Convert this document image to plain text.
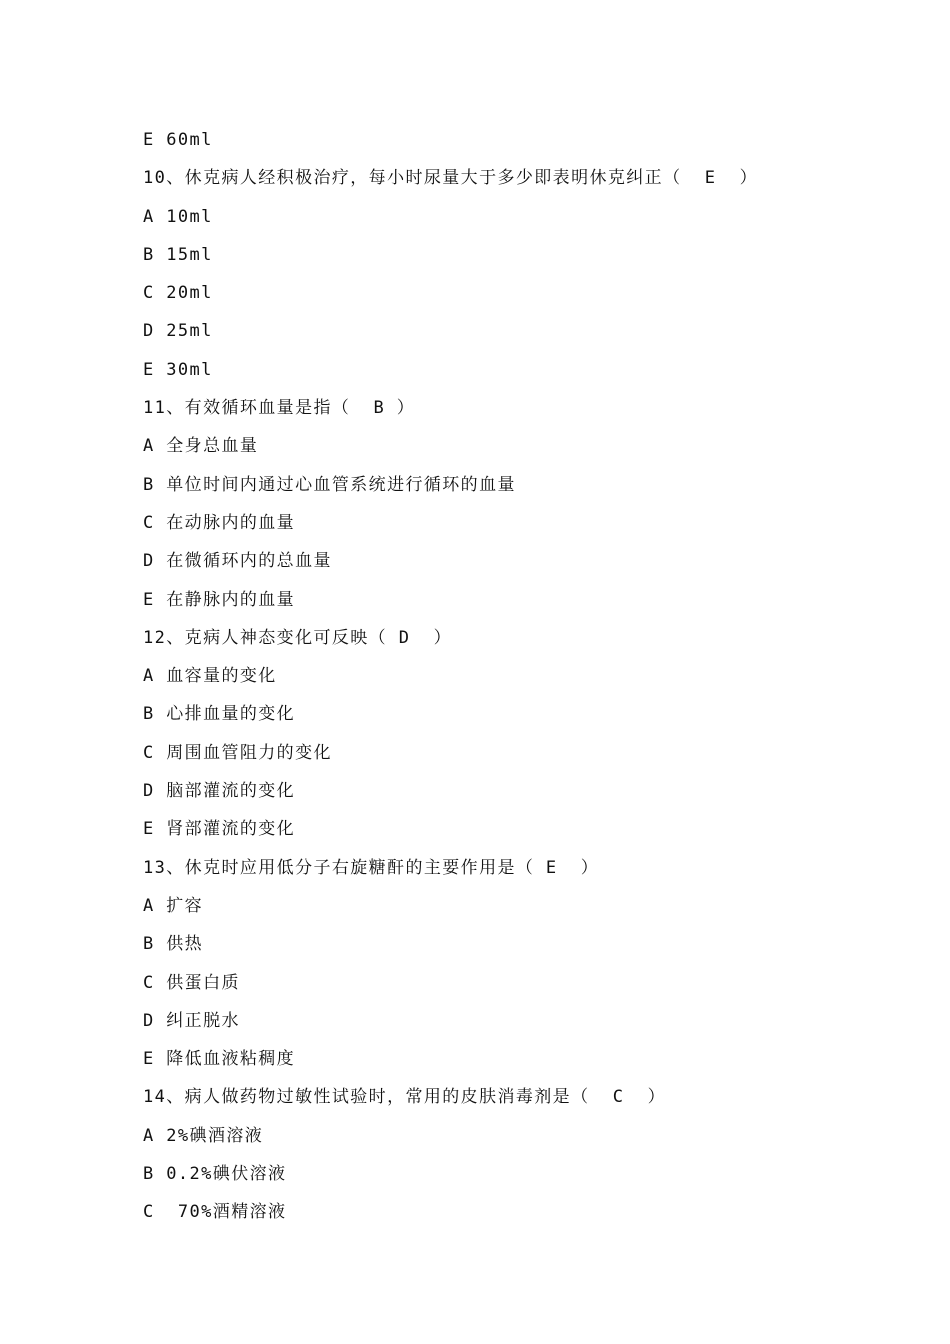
E 60ml
10、休克病人经积极治疗，每小时尿量大于多少即表明休克纠正（  E  ）
A 10ml
B 15ml
C 20ml
D 25ml
E 30ml
11、有效循环血量是指（  B ）
A 全身总血量
B 单位时间内通过心血管系统进行循环的血量
C 在动脉内的血量
D 在微循环内的总血量
E 在静脉内的血量
12、克病人神态变化可反映（ D  ）
A 血容量的变化
B 心排血量的变化
C 周围血管阻力的变化
D 脑部灌流的变化
E 肾部灌流的变化
13、休克时应用低分子右旋糖酐的主要作用是（ E  ）
A 扩容
B 供热
C 供蛋白质
D 纠正脱水
E 降低血液粘稠度
14、病人做药物过敏性试验时，常用的皮肤消毒剂是（  C  ）
A 2%碘酒溶液
B 0.2%碘伏溶液
C  70%酒精溶液
